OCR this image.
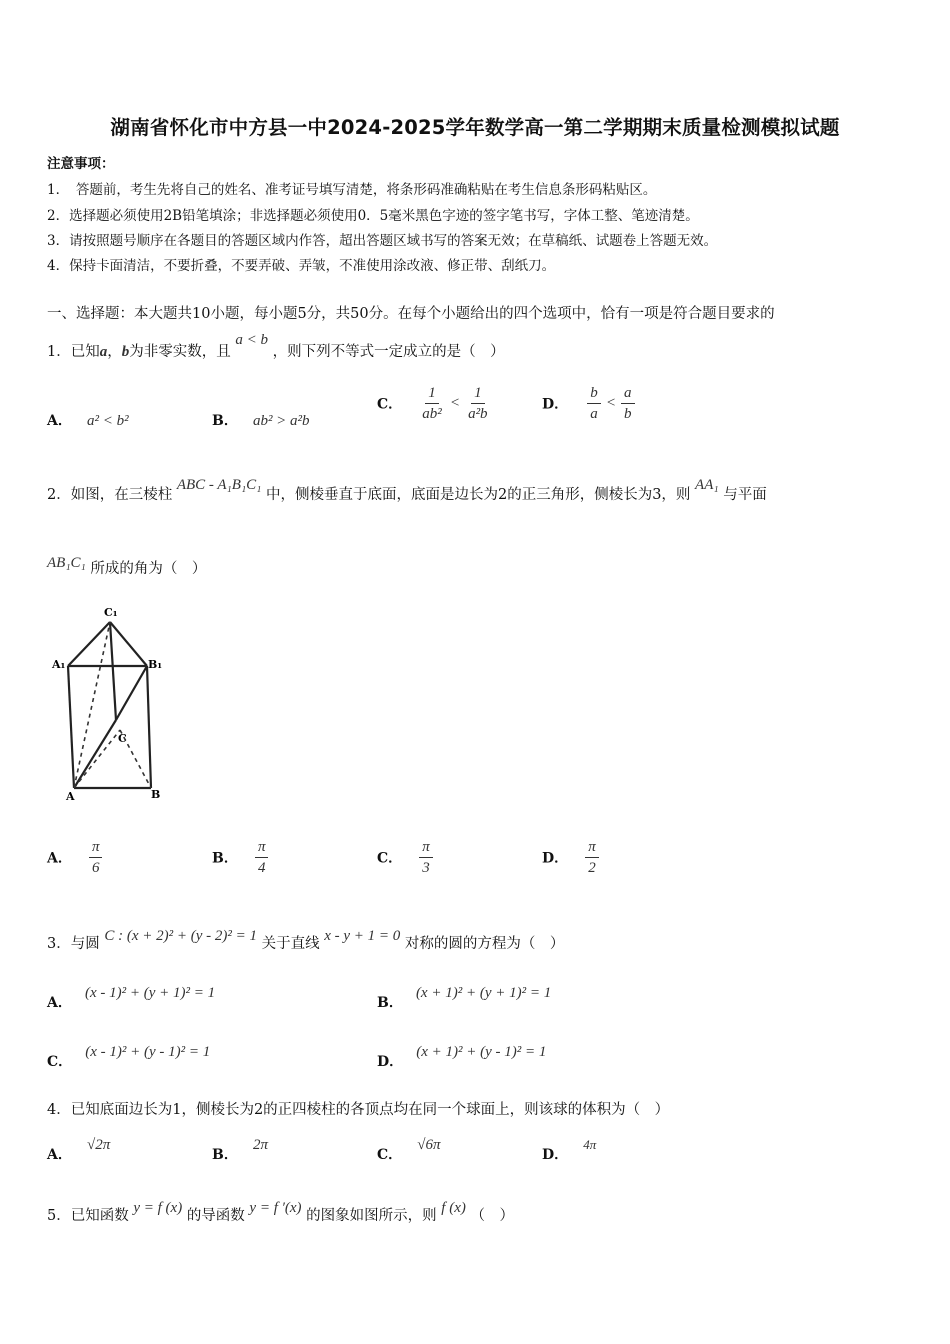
湖南省怀化市中方县一中2024-2025学年数学高一第二学期期末质量检测模拟试题
注意事项：
1．　答题前，考生先将自己的姓名、准考证号填写清楚，将条形码准确粘贴在考生信息条形码粘贴区。
2．选择题必须使用2B铅笔填涂；非选择题必须使用0．5毫米黑色字迹的签字笔书写，字体工整、笔迹清楚。
3．请按照题号顺序在各题目的答题区域内作答，超出答题区域书写的答案无效；在草稿纸、试题卷上答题无效。
4．保持卡面清洁，不要折叠，不要弄破、弄皱，不准使用涂改液、修正带、刮纸刀。
一、选择题：本大题共10小题，每小题5分，共50分。在每个小题给出的四个选项中，恰有一项是符合题目要求的
1．已知a，b为非零实数，且 a < b ，则下列不等式一定成立的是（　）
A． a² < b²	B． ab² > a²b
C． $\frac{1}{\text{ab²}} < \frac{1}{\text{a²b}}$	D． $\frac{b}{a} < \frac{a}{b}$
2．如图，在三棱柱 ABC - A₁B₁C₁ 中，侧棱垂直于底面，底面是边长为2的正三角形，侧棱长为3，则 AA₁ 与平面
AB₁C₁ 所成的角为（　）
C₁
A₁	B₁
C
A	B
A． $\frac{\pi}{6}$	B． $\frac{\pi}{4}$	C． $\frac{\pi}{3}$	D． $\frac{\pi}{2}$
3．与圆 C : (x + 2)² + (y - 2)² = 1 关于直线 x - y + 1 = 0 对称的圆的方程为（　）
A． (x - 1)² + (y + 1)² = 1
B． (x + 1)² + (y + 1)² = 1
C． (x - 1)² + (y - 1)² = 1
D． (x + 1)² + (y - 1)² = 1
4．已知底面边长为1，侧棱长为2的正四棱柱的各顶点均在同一个球面上，则该球的体积为（　）
A． √2π
B． 2π
C． √6π
D． 4π
5．已知函数 y = f (x) 的导函数 y = f ′(x) 的图象如图所示，则 f (x) （　）
